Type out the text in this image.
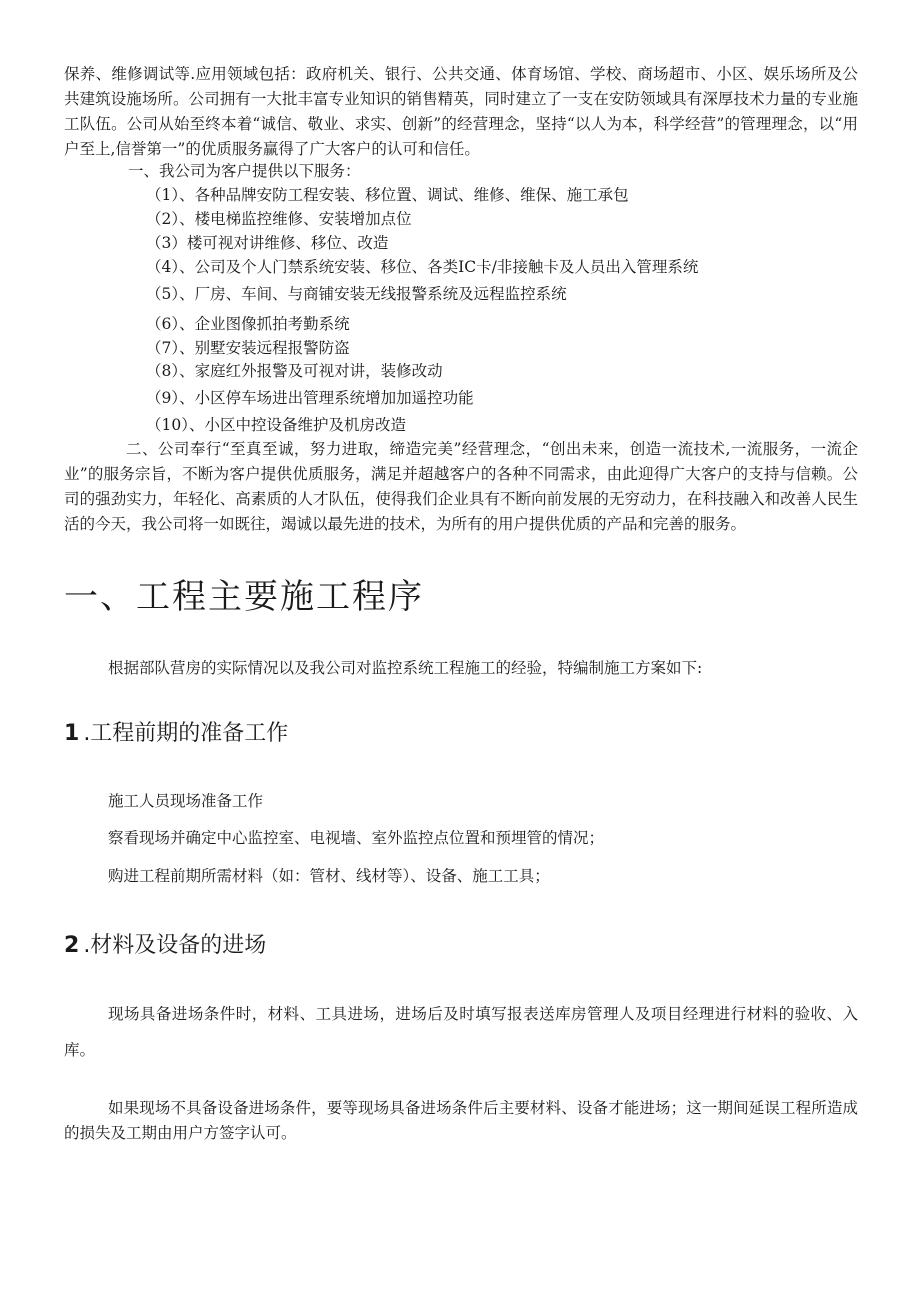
保养、维修调试等.应用领域包括：政府机关、银行、公共交通、体育场馆、学校、商场超市、小区、娱乐场所及公共建筑设施场所。公司拥有一大批丰富专业知识的销售精英，同时建立了一支在安防领域具有深厚技术力量的专业施工队伍。公司从始至终本着“诚信、敬业、求实、创新”的经营理念，坚持“以人为本，科学经营”的管理理念，以“用户至上,信誉第一”的优质服务赢得了广大客户的认可和信任。

一、我公司为客户提供以下服务：

（1）、各种品牌安防工程安装、移位置、调试、维修、维保、施工承包

（2）、楼电梯监控维修、安装增加点位

（3）楼可视对讲维修、移位、改造

（4）、公司及个人门禁系统安装、移位、各类IC卡/非接触卡及人员出入管理系统

（5）、厂房、车间、与商铺安装无线报警系统及远程监控系统

（6）、企业图像抓拍考勤系统

（7）、别墅安装远程报警防盗

（8）、家庭红外报警及可视对讲，装修改动

（9）、小区停车场进出管理系统增加加遥控功能

（10）、小区中控设备维护及机房改造

二、公司奉行“至真至诚，努力进取，缔造完美”经营理念，“创出未来，创造一流技术,一流服务，一流企业”的服务宗旨，不断为客户提供优质服务，满足并超越客户的各种不同需求，由此迎得广大客户的支持与信赖。公司的强劲实力，年轻化、高素质的人才队伍，使得我们企业具有不断向前发展的无穷动力，在科技融入和改善人民生活的今天，我公司将一如既往，竭诚以最先进的技术，为所有的用户提供优质的产品和完善的服务。

一、工程主要施工程序

根据部队营房的实际情况以及我公司对监控系统工程施工的经验，特编制施工方案如下:

1 .工程前期的准备工作

施工人员现场准备工作

察看现场并确定中心监控室、电视墙、室外监控点位置和预埋管的情况；

购进工程前期所需材料（如：管材、线材等）、设备、施工工具；

2 .材料及设备的进场

现场具备进场条件时，材料、工具进场，进场后及时填写报表送库房管理人及项目经理进行材料的验收、入库。

如果现场不具备设备进场条件，要等现场具备进场条件后主要材料、设备才能进场；这一期间延误工程所造成的损失及工期由用户方签字认可。
